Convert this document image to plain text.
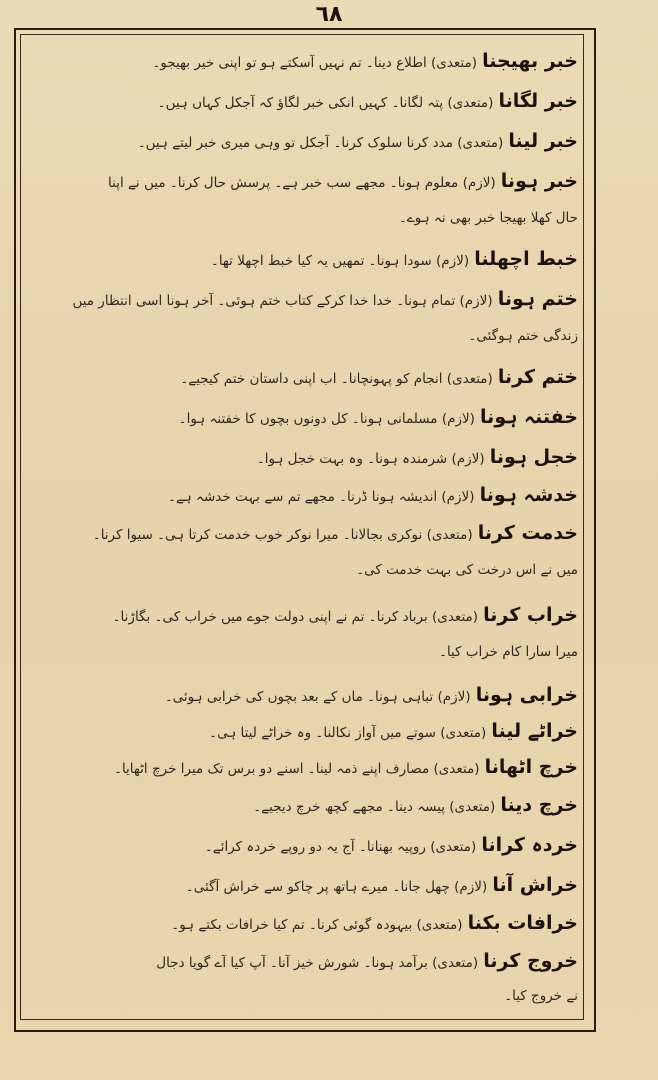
٦٨
خبر بھیجنا (متعدی) اطلاع دینا۔ تم نہیں آسکتے ہو تو اپنی خیر بھیجو۔
خبر لگانا (متعدی) پتہ لگانا۔ کہیں انکی خبر لگاؤ کہ آجکل کہاں ہیں۔
خبر لینا (متعدی) مدد کرنا سلوک کرنا۔ آجکل تو وہی میری خبر لیتے ہیں۔
خبر ہونا (لازم) معلوم ہونا۔ مجھے سب خبر ہے۔ پرسش حال کرنا۔ میں نے اپنا
حال کھلا بھیجا خبر بھی نہ ہوے۔
خبط اچھلنا (لازم) سودا ہونا۔ تمھیں یہ کیا خبط اچھلا تھا۔
ختم ہونا (لازم) تمام ہونا۔ خدا خدا کرکے کتاب ختم ہوئی۔ آخر ہونا اسی انتظار میں
زندگی ختم ہوگئی۔
ختم کرنا (متعدی) انجام کو پہونچانا۔ اب اپنی داستان ختم کیجیے۔
خفتنہ ہونا (لازم) مسلمانی ہونا۔ کل دونوں بچوں کا خفتنہ ہوا۔
خجل ہونا (لازم) شرمندہ ہونا۔ وہ بہت خجل ہوا۔
خدشہ ہونا (لازم) اندیشہ ہونا ڈرنا۔ مجھے تم سے بہت خدشہ ہے۔
خدمت کرنا (متعدی) نوکری بجالانا۔ میرا نوکر خوب خدمت کرتا ہی۔ سیوا کرنا۔
میں نے اس درخت کی بہت خدمت کی۔
خراب کرنا (متعدی) برباد کرنا۔ تم نے اپنی دولت جوے میں خراب کی۔ بگاڑنا۔
میرا سارا کام خراب کیا۔
خرابی ہونا (لازم) تباہی ہونا۔ ماں کے بعد بچوں کی خرابی ہوئی۔
خراٹے لینا (متعدی) سوتے میں آواز نکالنا۔ وہ خراٹے لیتا ہی۔
خرچ اٹھانا (متعدی) مصارف اپنے ذمہ لینا۔ اسنے دو برس تک میرا خرچ اٹھایا۔
خرچ دینا (متعدی) پیسہ دینا۔ مجھے کچھ خرچ دیجیے۔
خردہ کرانا (متعدی) روپیہ بھنانا۔ آج یہ دو روپے خردہ کرائے۔
خراش آنا (لازم) چھل جانا۔ میرے ہاتھ پر چاکو سے خراش آگئی۔
خرافات بکنا (متعدی) بیہودہ گوئی کرنا۔ تم کیا خرافات بکتے ہو۔
خروج کرنا (متعدی) برآمد ہونا۔ شورش خیز آنا۔ آپ کیا آے گویا دجال
نے خروج کیا۔
